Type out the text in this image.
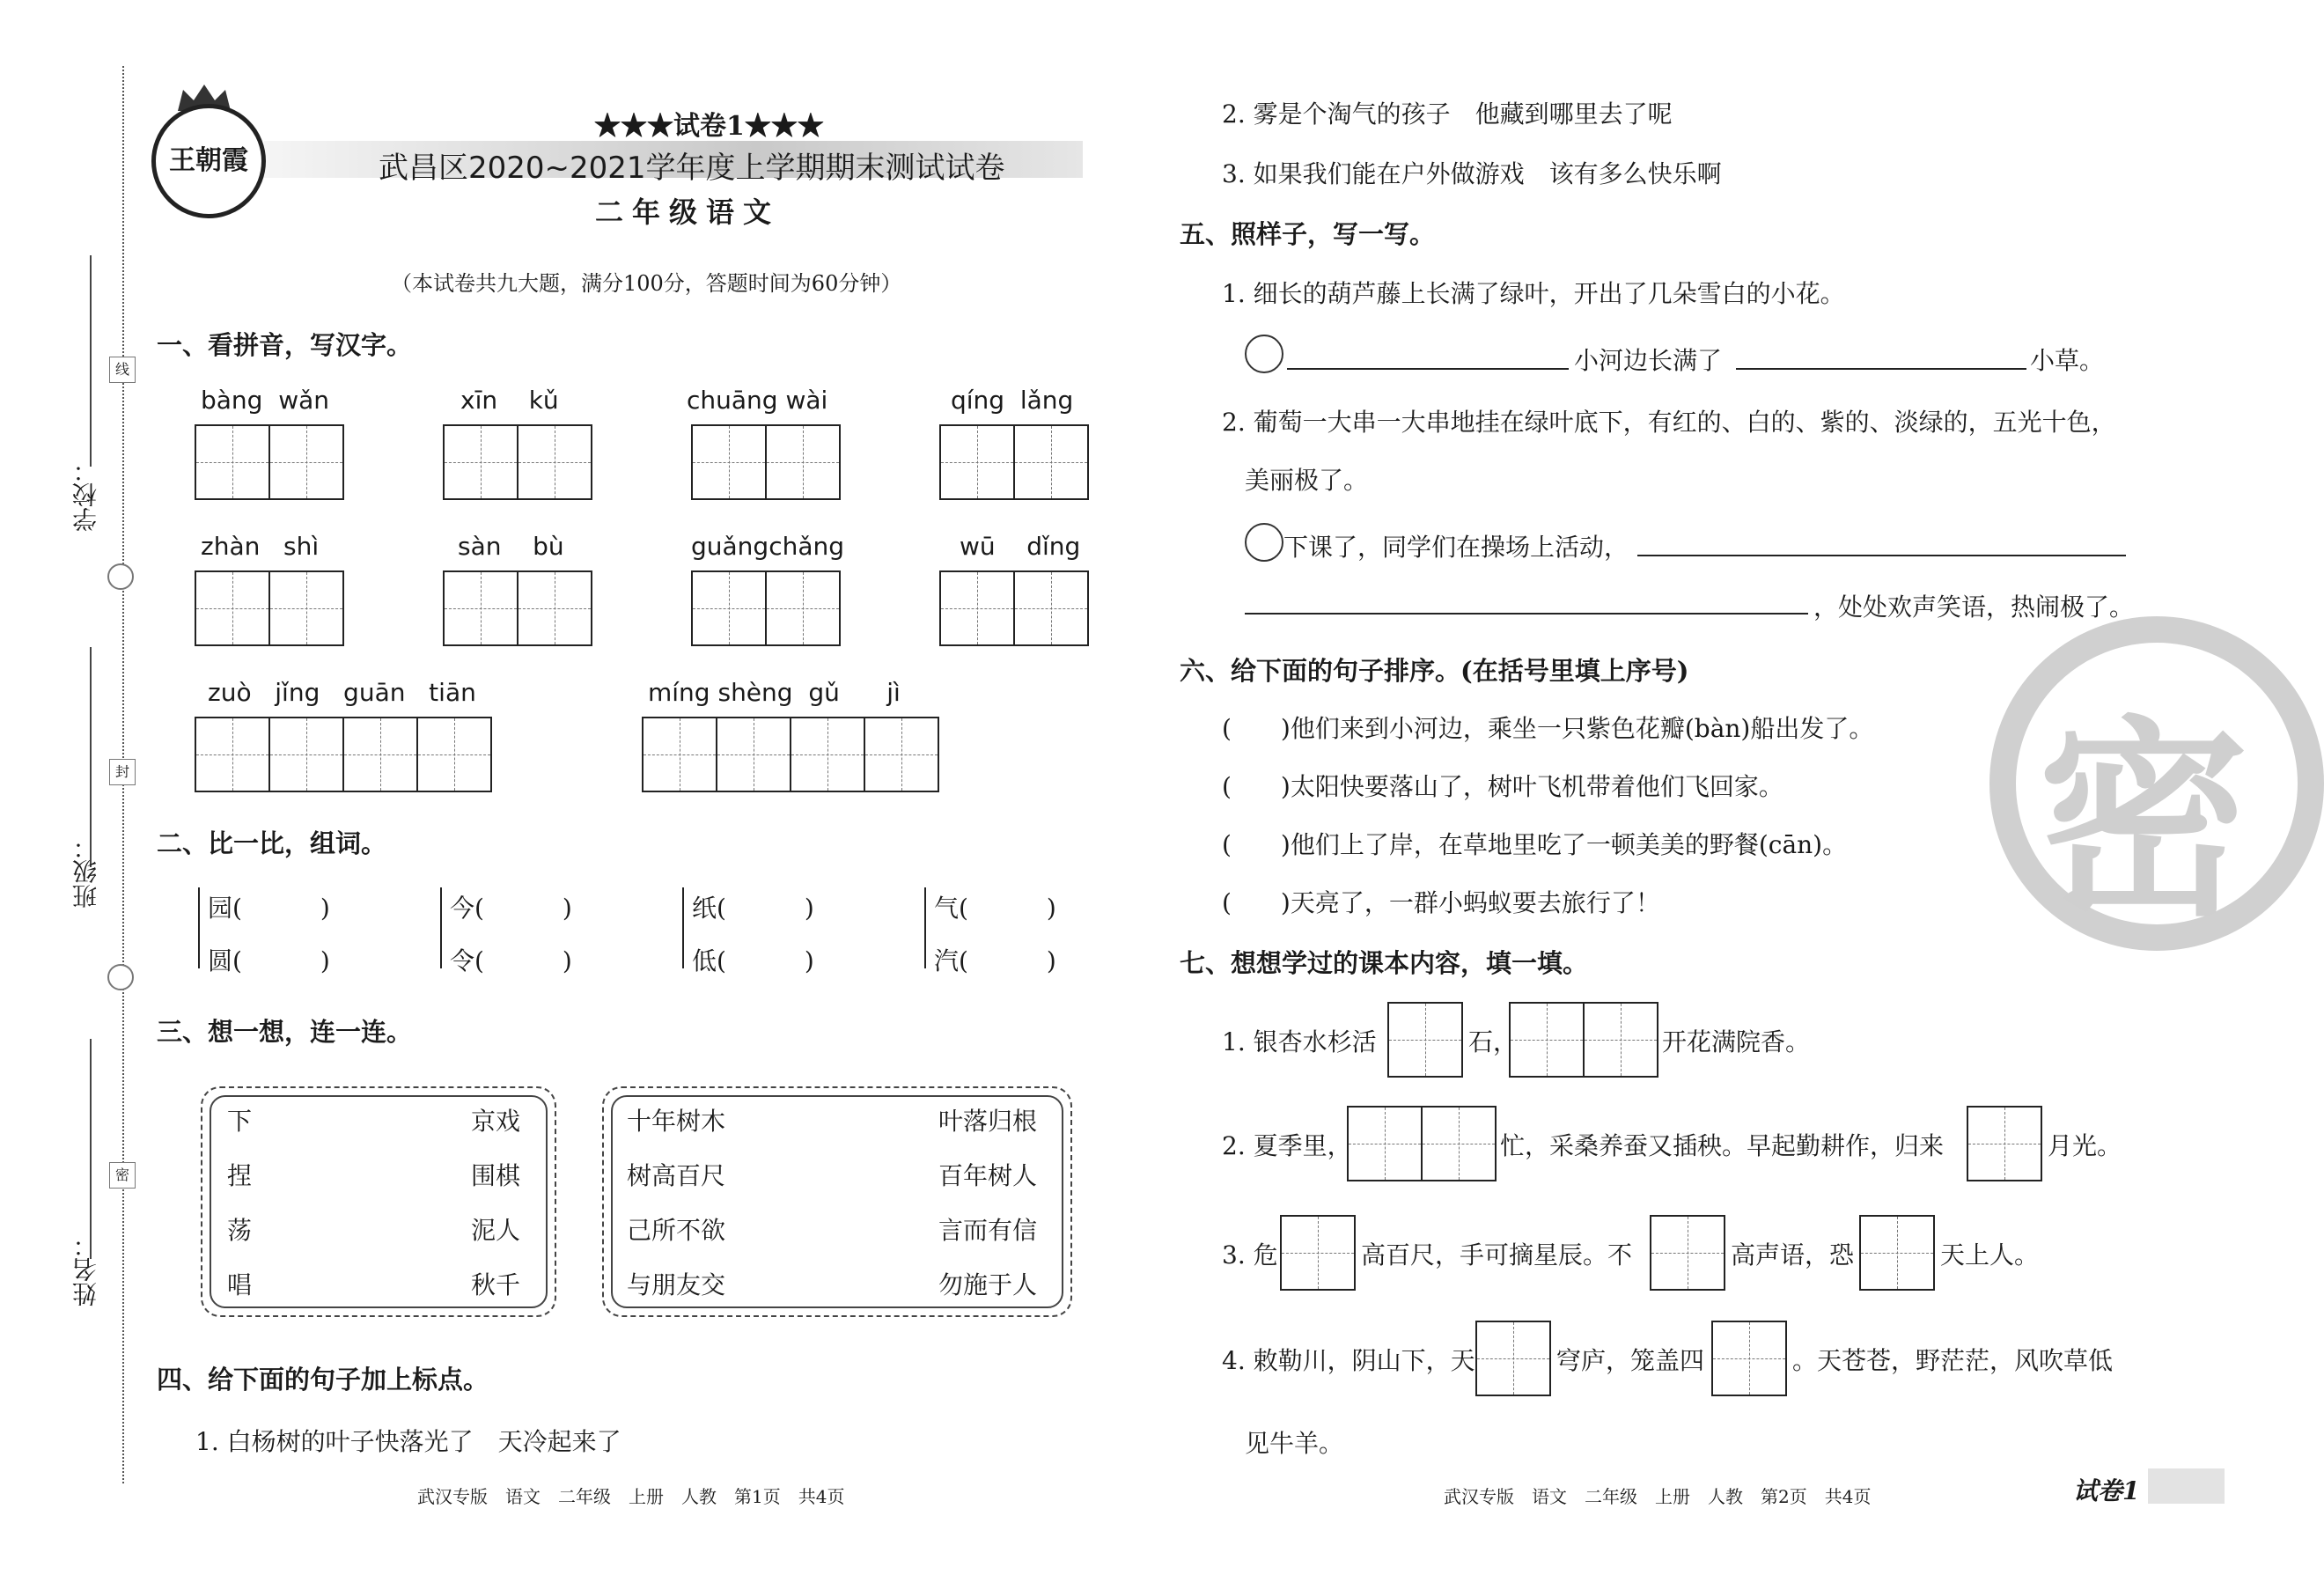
学校：
班级：
姓名：
线
封
密
王朝霞
★★★试卷1★★★
武昌区2020~2021学年度上学期期末测试试卷
二年级语文
（本试卷共九大题，满分100分，答题时间为60分钟）
一、看拼音，写汉字。
bàng  wǎn	xīn    kǔ	chuāng wài	qíng  lǎng
zhàn   shì	sàn    bù	guǎngchǎng	wū    dǐng
zuò   jǐng   guān   tiān	míng shèng  gǔ      jì
二、比一比，组词。
园(          )
圆(          )
今(          )
令(          )
纸(          )
低(          )
气(          )
汽(          )
三、想一想，连一连。
下
捏
荡
唱
京戏
围棋
泥人
秋千
十年树木
树高百尺
己所不欲
与朋友交
叶落归根
百年树人
言而有信
勿施于人
四、给下面的句子加上标点。
1. 白杨树的叶子快落光了　天冷起来了
2. 雾是个淘气的孩子　他藏到哪里去了呢
3. 如果我们能在户外做游戏　该有多么快乐啊
五、照样子，写一写。
1. 细长的葫芦藤上长满了绿叶，开出了几朵雪白的小花。
小河边长满了	小草。
2. 葡萄一大串一大串地挂在绿叶底下，有红的、白的、紫的、淡绿的，五光十色，
美丽极了。
下课了，同学们在操场上活动，
，处处欢声笑语，热闹极了。
六、给下面的句子排序。(在括号里填上序号)
(　　)他们来到小河边，乘坐一只紫色花瓣(bàn)船出发了。
(　　)太阳快要落山了，树叶飞机带着他们飞回家。
(　　)他们上了岸，在草地里吃了一顿美美的野餐(cān)。
(　　)天亮了，一群小蚂蚁要去旅行了！
七、想想学过的课本内容，填一填。
1. 银杏水杉活	石，	开花满院香。
2. 夏季里，	忙，采桑养蚕又插秧。早起勤耕作，归来	月光。
3. 危	高百尺，手可摘星辰。不	高声语，恐	天上人。
4. 敕勒川，阴山下，天	穹庐，笼盖四	。天苍苍，野茫茫，风吹草低
见牛羊。
密
武汉专版　语文　二年级　上册　人教　第1页　共4页	武汉专版　语文　二年级　上册　人教　第2页　共4页	试卷1
